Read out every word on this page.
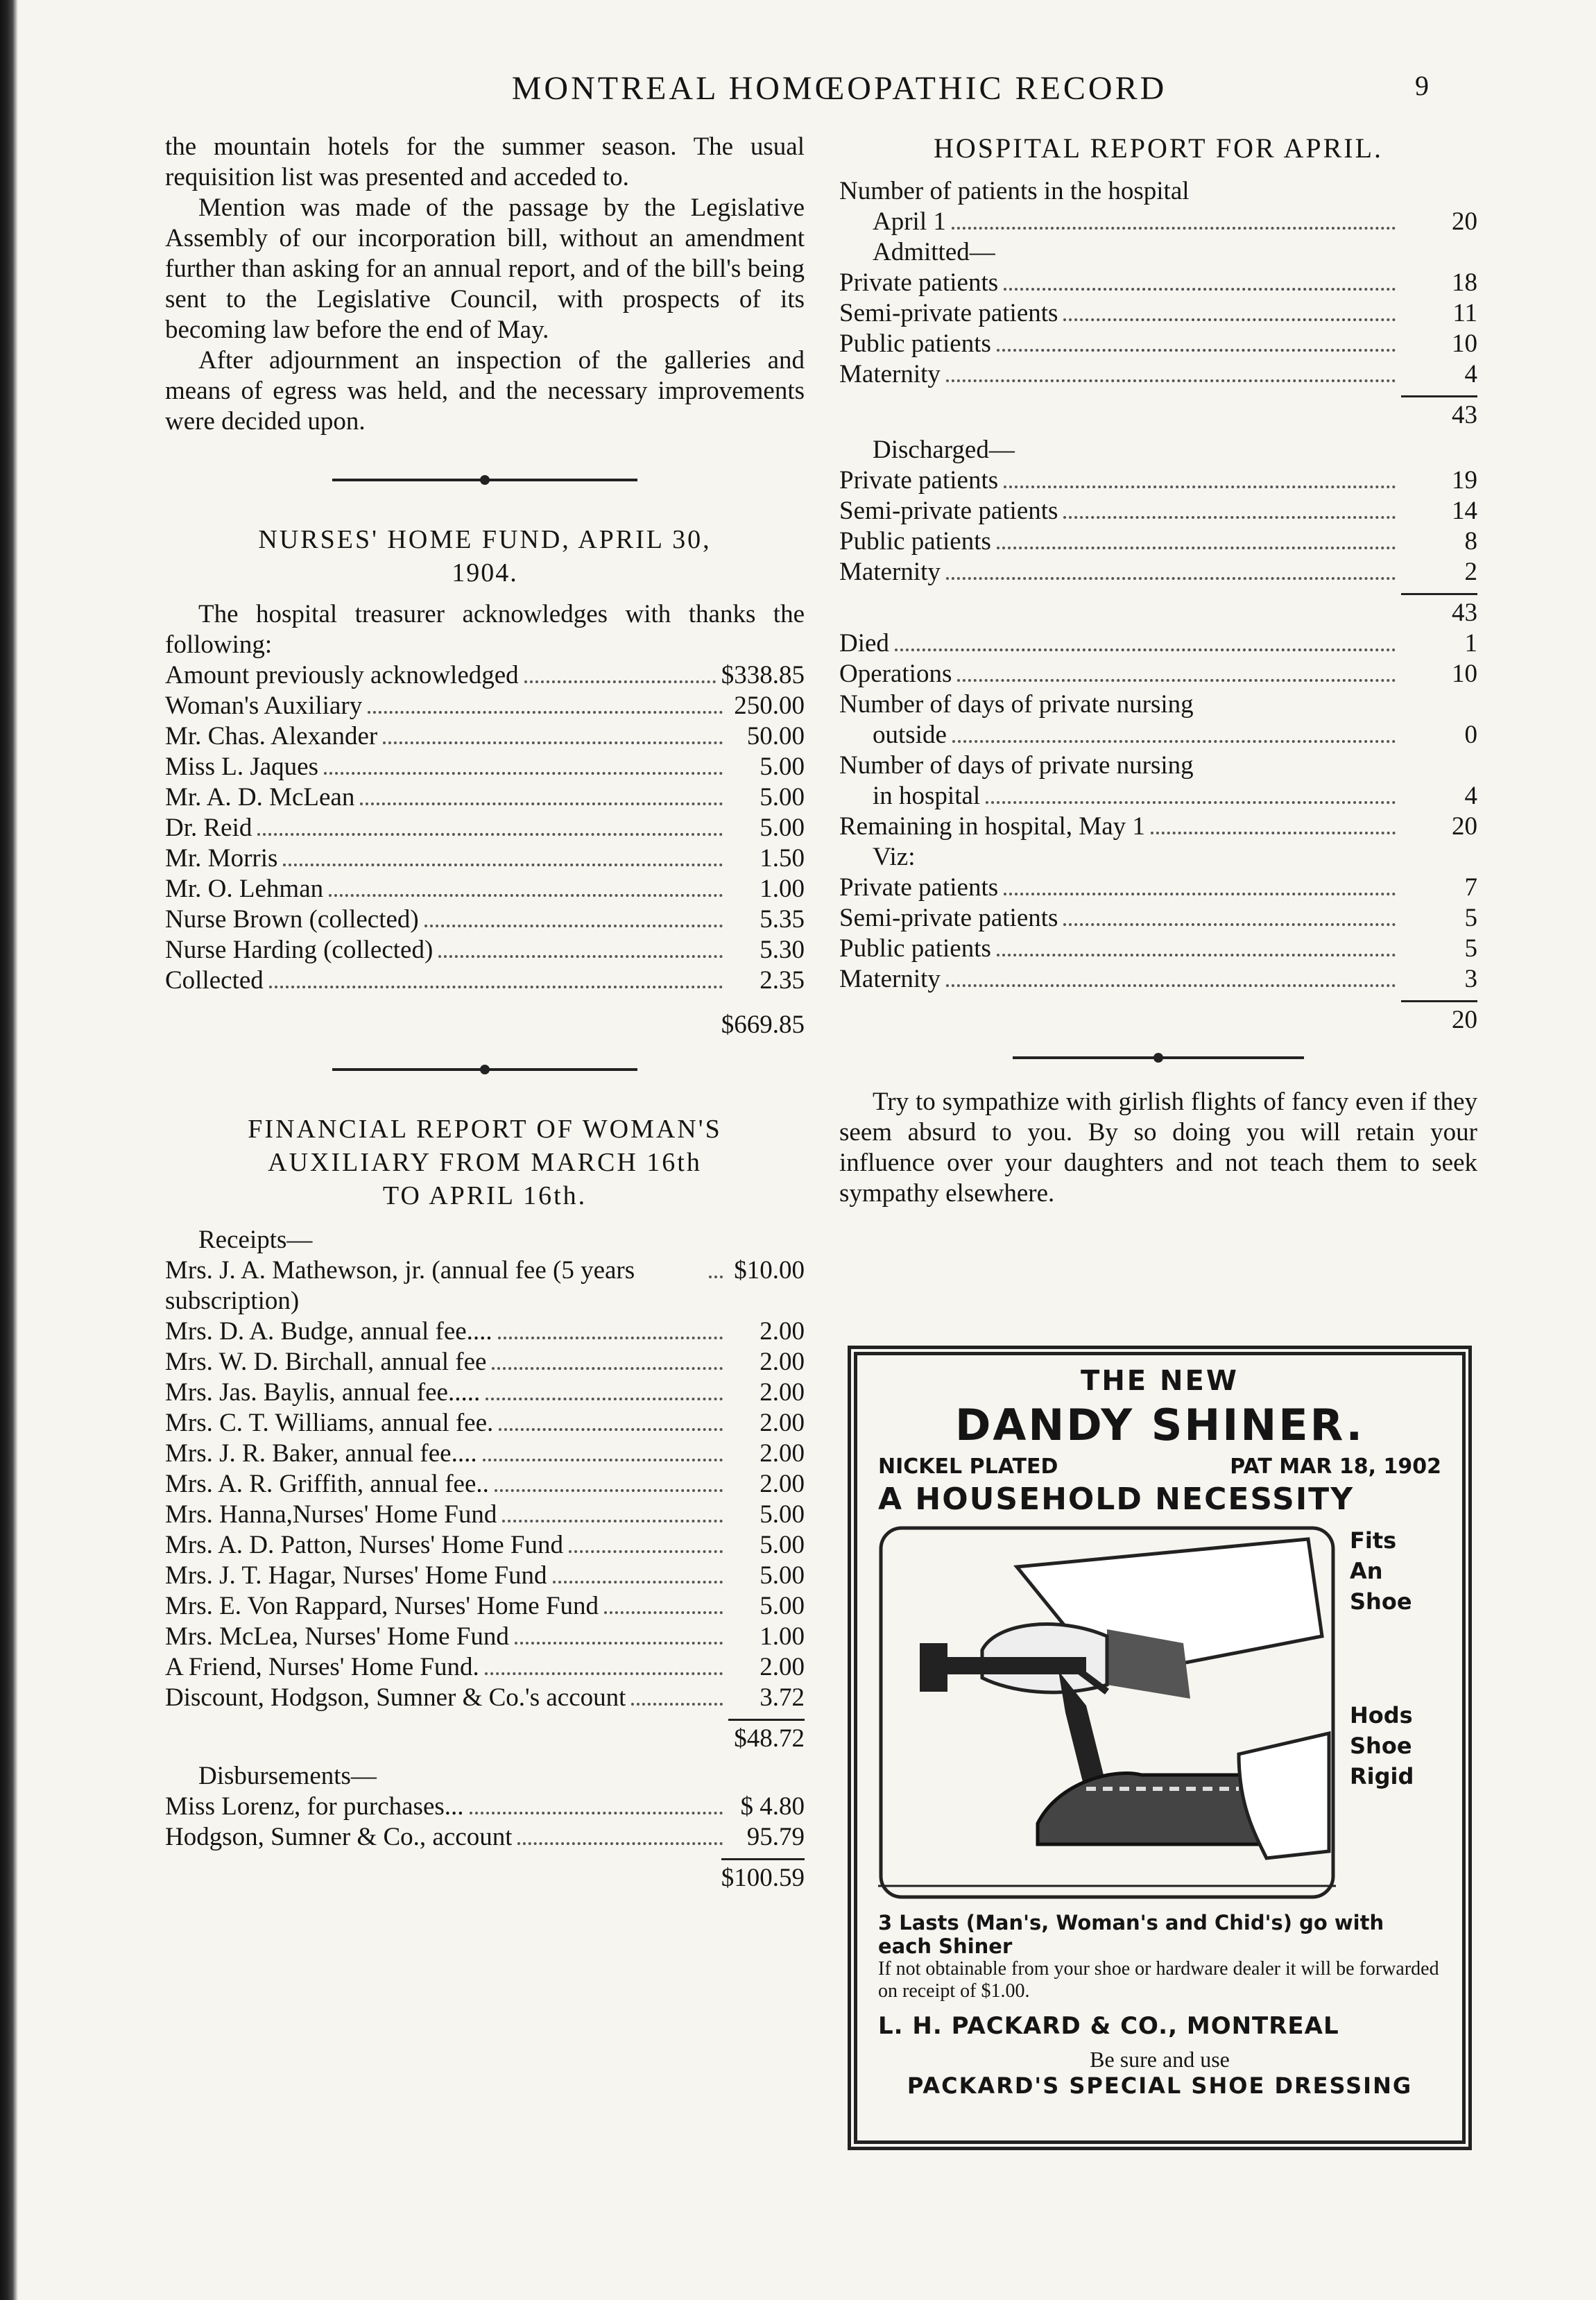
MONTREAL HOMŒOPATHIC RECORD	9

the mountain hotels for the summer season. The usual requisition list was presented and acceded to.

Mention was made of the passage by the Legislative Assembly of our incorporation bill, without an amendment further than asking for an annual report, and of the bill's being sent to the Legislative Council, with prospects of its becoming law before the end of May.

After adjournment an inspection of the galleries and means of egress was held, and the necessary improvements were decided upon.

NURSES' HOME FUND, APRIL 30,
1904.

The hospital treasurer acknowledges with thanks the following:

Amount previously acknowledged	$338.85
Woman's Auxiliary	250.00
Mr. Chas. Alexander	50.00
Miss L. Jaques	5.00
Mr. A. D. McLean	5.00
Dr. Reid	5.00
Mr. Morris	1.50
Mr. O. Lehman	1.00
Nurse Brown (collected)	5.35
Nurse Harding (collected)	5.30
Collected	2.35
$669.85
FINANCIAL REPORT OF WOMAN'S
AUXILIARY FROM MARCH 16th
TO APRIL 16th.
Receipts—
Mrs. J. A. Mathewson, jr. (annual fee (5 years subscription)
$10.00
Mrs. D. A. Budge, annual fee....	2.00
Mrs. W. D. Birchall, annual fee	2.00
Mrs. Jas. Baylis, annual fee.....	2.00
Mrs. C. T. Williams, annual fee.	2.00
Mrs. J. R. Baker, annual fee....	2.00
Mrs. A. R. Griffith, annual fee..	2.00
Mrs. Hanna,Nurses' Home Fund	5.00
Mrs. A. D. Patton, Nurses' Home Fund	5.00
Mrs. J. T. Hagar, Nurses' Home Fund	5.00
Mrs. E. Von Rappard, Nurses' Home Fund	5.00
Mrs. McLea, Nurses' Home Fund	1.00
A Friend, Nurses' Home Fund.	2.00
Discount, Hodgson, Sumner & Co.'s account	3.72
$48.72
Disbursements—
Miss Lorenz, for purchases...	$ 4.80
Hodgson, Sumner & Co., account	95.79
$100.59
HOSPITAL REPORT FOR APRIL.
Number of patients in the hospital
April 1	20
Admitted—
Private patients	18
Semi-private patients	11
Public patients	10
Maternity	4
43
Discharged—
Private patients	19
Semi-private patients	14
Public patients	8
Maternity	2
43
Died	1
Operations	10
Number of days of private nursing
outside	0
Number of days of private nursing
in hospital	4
Remaining in hospital, May 1	20
Viz:
Private patients	7
Semi-private patients	5
Public patients	5
Maternity	3
20

Try to sympathize with girlish flights of fancy even if they seem absurd to you. By so doing you will retain your influence over your daughters and not teach them to seek sympathy elsewhere.

THE NEW
DANDY SHINER.
NICKEL PLATED	PAT MAR 18, 1902
A HOUSEHOLD NECESSITY
Fits
An
Shoe
Hods
Shoe
Rigid
3 Lasts (Man's, Woman's and Chid's) go with each Shiner
If not obtainable from your shoe or hardware dealer it will be forwarded on receipt of $1.00.
L. H. PACKARD & CO., MONTREAL
Be sure and use
PACKARD'S SPECIAL SHOE DRESSING
